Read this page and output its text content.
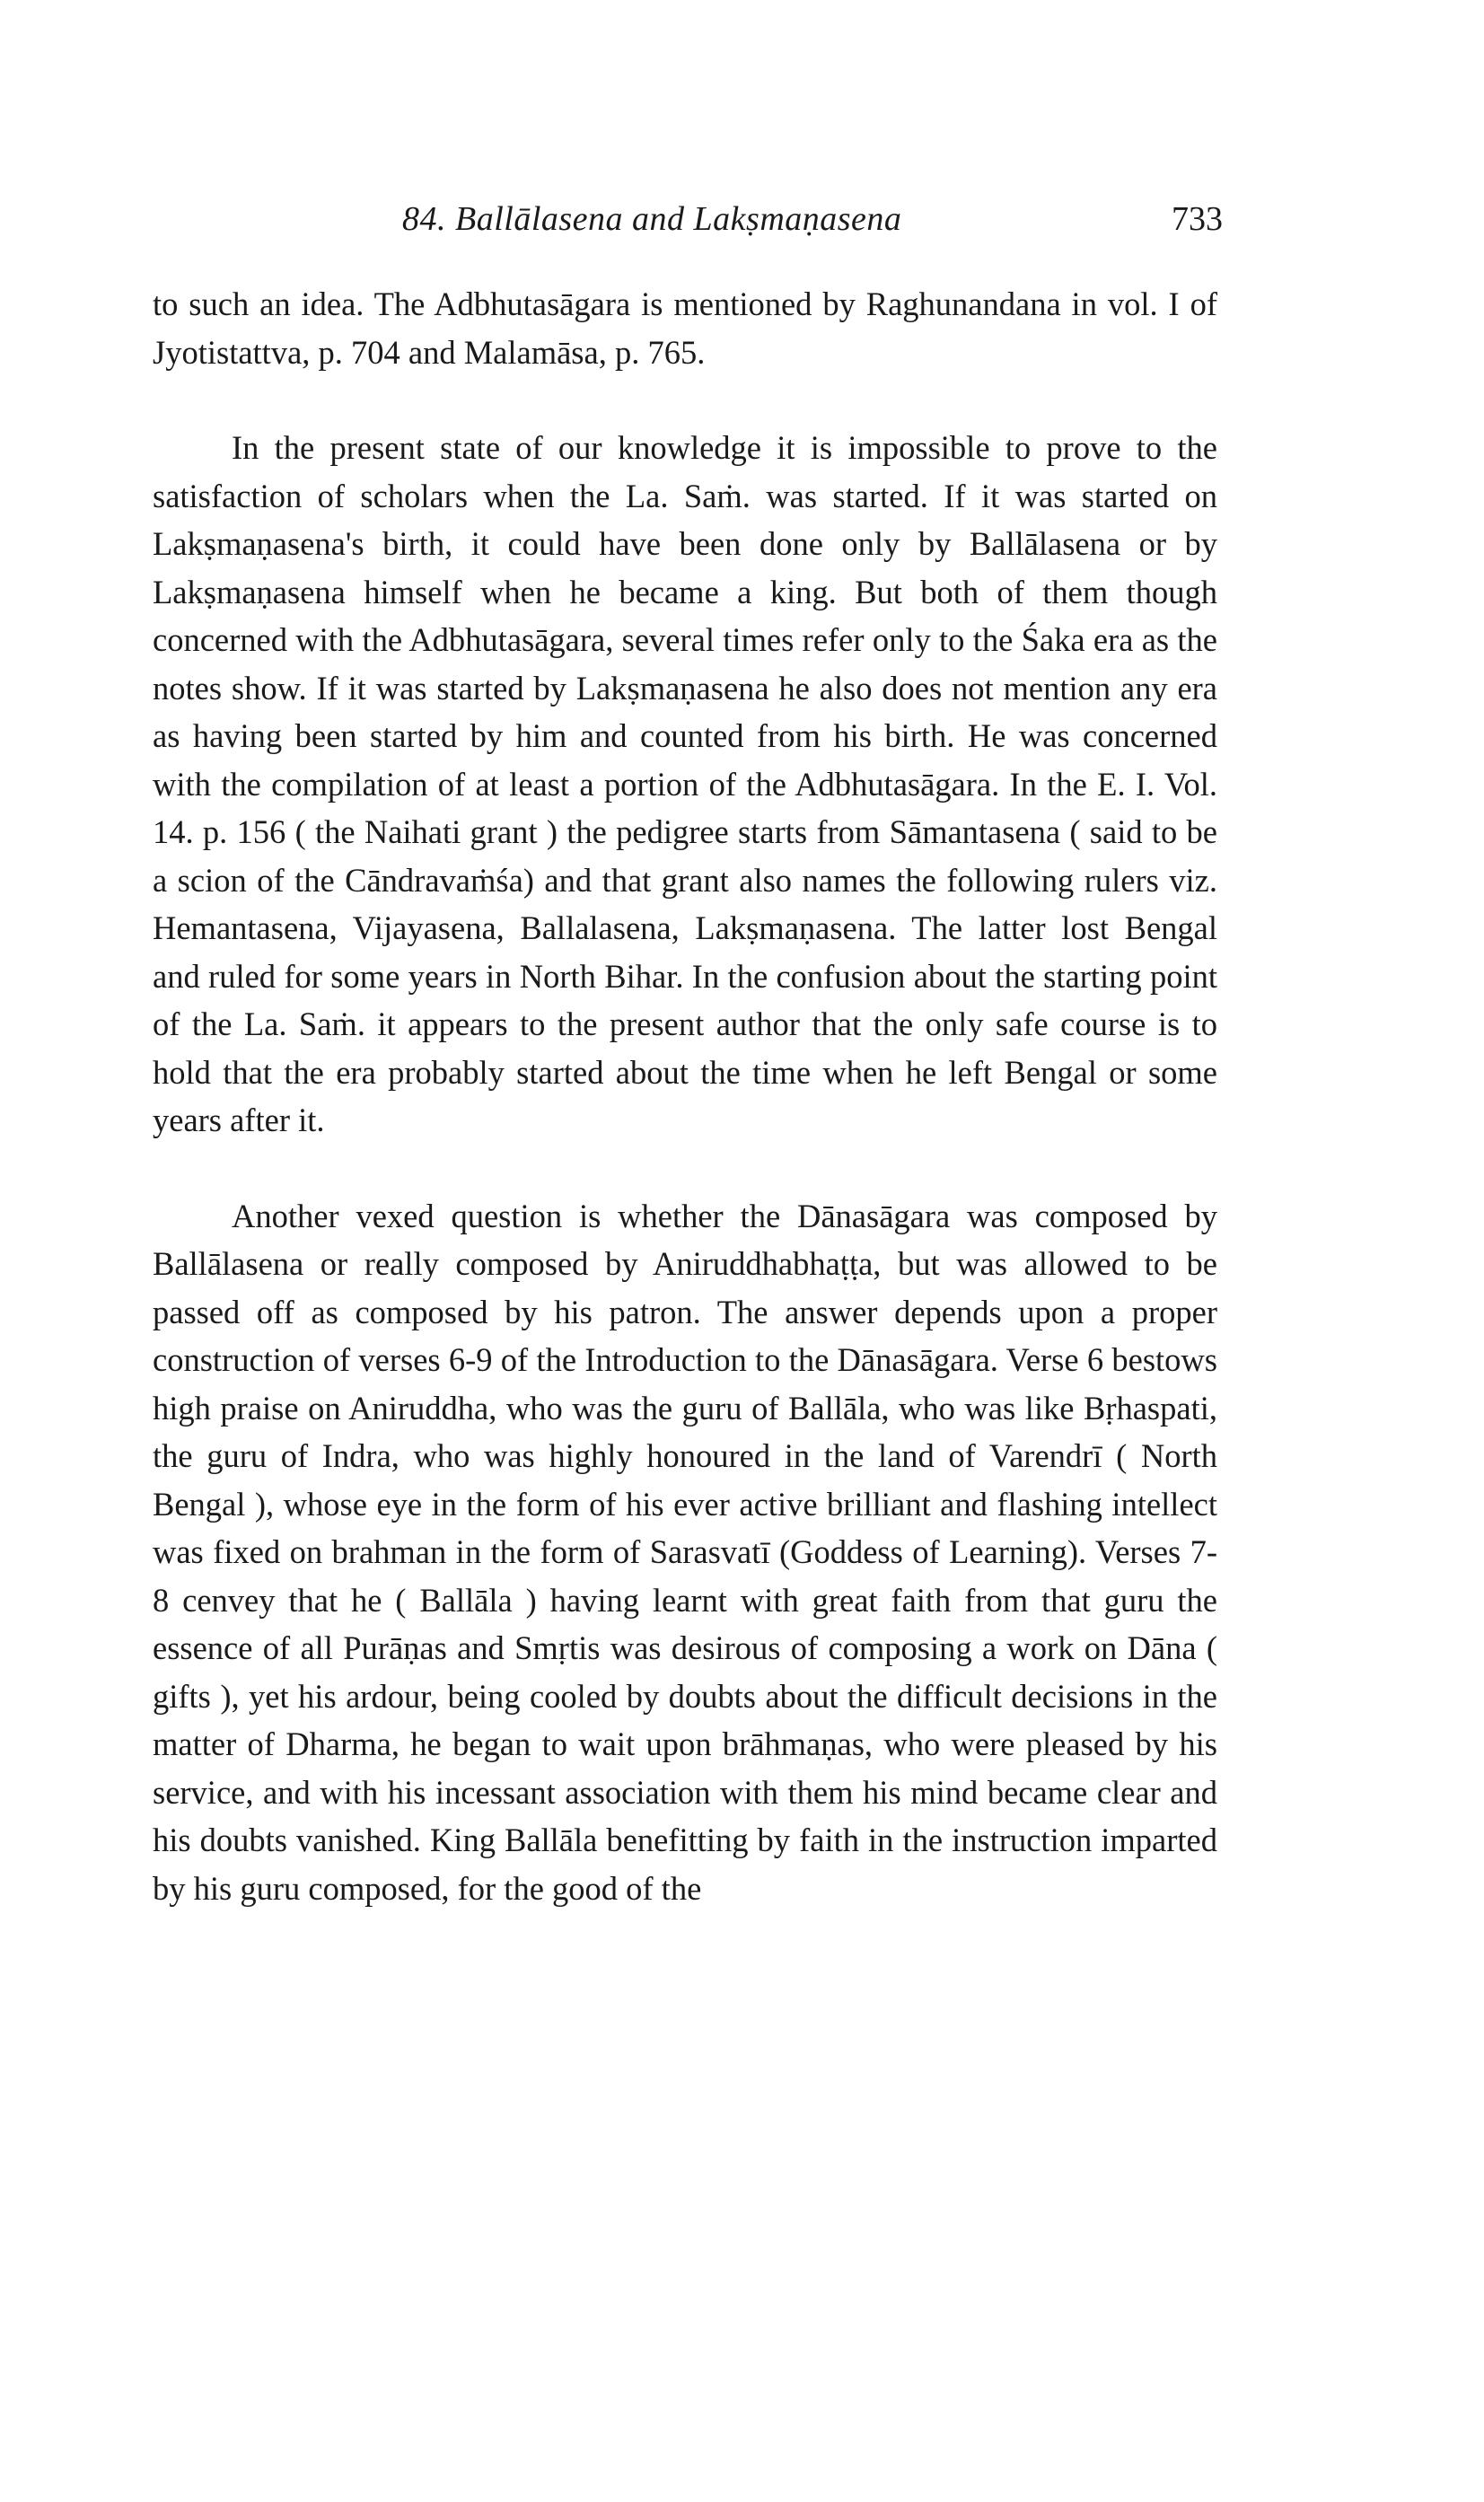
84. Ballālasena and Lakṣmaṇasena	733

to such an idea. The Adbhutasāgara is mentioned by Raghunandana in vol. I of Jyotistattva, p. 704 and Malamāsa, p. 765.

In the present state of our knowledge it is impossible to prove to the satisfaction of scholars when the La. Saṁ. was started. If it was started on Lakṣmaṇasena's birth, it could have been done only by Ballālasena or by Lakṣmaṇasena himself when he became a king. But both of them though concerned with the Adbhutasāgara, several times refer only to the Śaka era as the notes show. If it was started by Lakṣmaṇasena he also does not mention any era as having been started by him and counted from his birth. He was concerned with the compilation of at least a portion of the Adbhutasāgara. In the E. I. Vol. 14. p. 156 ( the Naihati grant ) the pedigree starts from Sāmantasena ( said to be a scion of the Cāndravaṁśa) and that grant also names the following rulers viz. Hemantasena, Vijayasena, Ballalasena, Lakṣmaṇasena. The latter lost Bengal and ruled for some years in North Bihar. In the confusion about the starting point of the La. Saṁ. it appears to the present author that the only safe course is to hold that the era probably started about the time when he left Bengal or some years after it.

Another vexed question is whether the Dānasāgara was composed by Ballālasena or really composed by Aniruddhabhaṭṭa, but was allowed to be passed off as composed by his patron. The answer depends upon a proper construction of verses 6-9 of the Introduction to the Dānasāgara. Verse 6 bestows high praise on Aniruddha, who was the guru of Ballāla, who was like Bṛhaspati, the guru of Indra, who was highly honoured in the land of Varendrī ( North Bengal ), whose eye in the form of his ever active brilliant and flashing intellect was fixed on brahman in the form of Sarasvatī (Goddess of Learning). Verses 7-8 cenvey that he ( Ballāla ) having learnt with great faith from that guru the essence of all Purāṇas and Smṛtis was desirous of composing a work on Dāna ( gifts ), yet his ardour, being cooled by doubts about the difficult decisions in the matter of Dharma, he began to wait upon brāhmaṇas, who were pleased by his service, and with his incessant association with them his mind became clear and his doubts vanished. King Ballāla benefitting by faith in the instruction imparted by his guru composed, for the good of the
